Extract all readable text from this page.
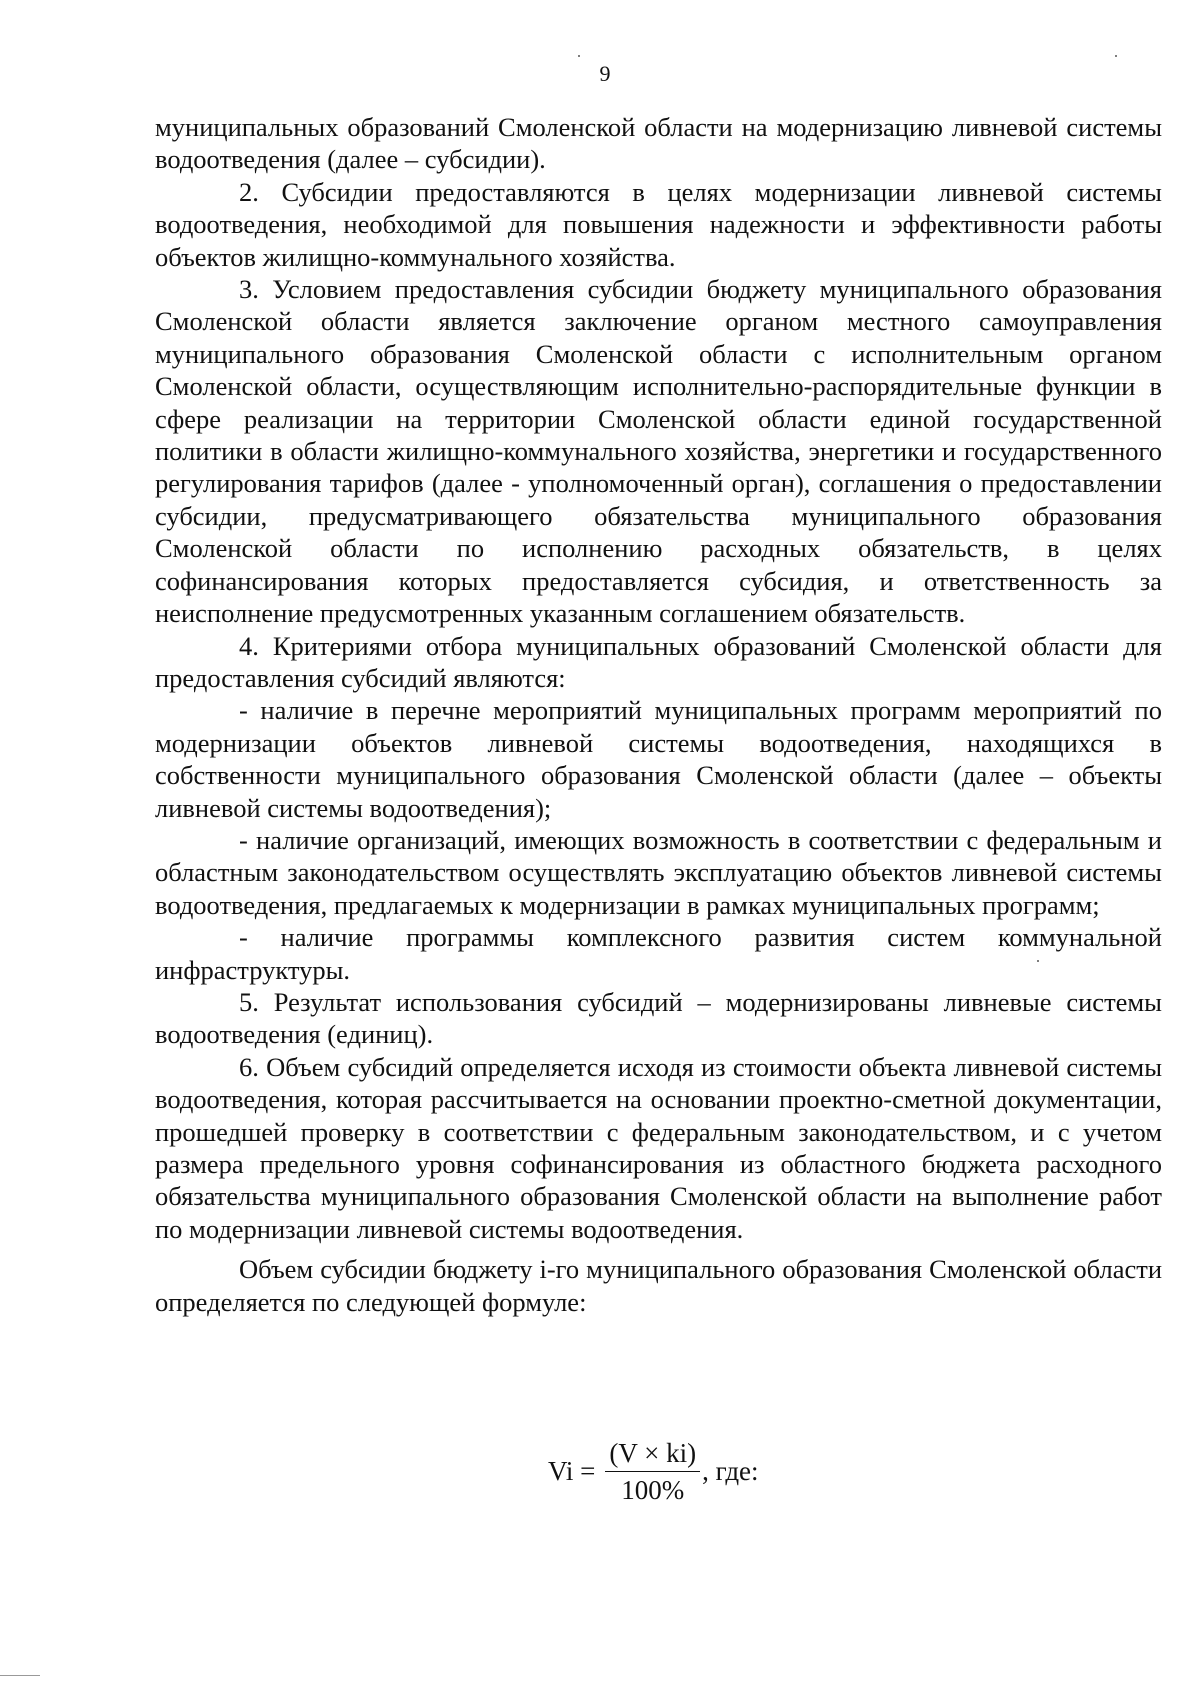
9

муниципальных образований Смоленской области на модернизацию ливневой системы водоотведения (далее – субсидии).

2. Субсидии предоставляются в целях модернизации ливневой системы водоотведения, необходимой для повышения надежности и эффективности работы объектов жилищно-коммунального хозяйства.

3. Условием предоставления субсидии бюджету муниципального образования Смоленской области является заключение органом местного самоуправления муниципального образования Смоленской области с исполнительным органом Смоленской области, осуществляющим исполнительно-распорядительные функции в сфере реализации на территории Смоленской области единой государственной политики в области жилищно-коммунального хозяйства, энергетики и государственного регулирования тарифов (далее - уполномоченный орган), соглашения о предоставлении субсидии, предусматривающего обязательства муниципального образования Смоленской области по исполнению расходных обязательств, в целях софинансирования которых предоставляется субсидия, и ответственность за неисполнение предусмотренных указанным соглашением обязательств.

4. Критериями отбора муниципальных образований Смоленской области для предоставления субсидий являются:

- наличие в перечне мероприятий муниципальных программ мероприятий по модернизации объектов ливневой системы водоотведения, находящихся в собственности муниципального образования Смоленской области (далее – объекты ливневой системы водоотведения);

- наличие организаций, имеющих возможность в соответствии с федеральным и областным законодательством осуществлять эксплуатацию объектов ливневой системы водоотведения, предлагаемых к модернизации в рамках муниципальных программ;

- наличие программы комплексного развития систем коммунальной инфраструктуры.

5. Результат использования субсидий – модернизированы ливневые системы водоотведения (единиц).

6. Объем субсидий определяется исходя из стоимости объекта ливневой системы водоотведения, которая рассчитывается на основании проектно-сметной документации, прошедшей проверку в соответствии с федеральным законодательством, и с учетом размера предельного уровня софинансирования из областного бюджета расходного обязательства муниципального образования Смоленской области на выполнение работ по модернизации ливневой системы водоотведения.

Объем субсидии бюджету i-го муниципального образования Смоленской области определяется по следующей формуле:

$Vi = \frac{(V \times ki)}{100\%}$ , где:
